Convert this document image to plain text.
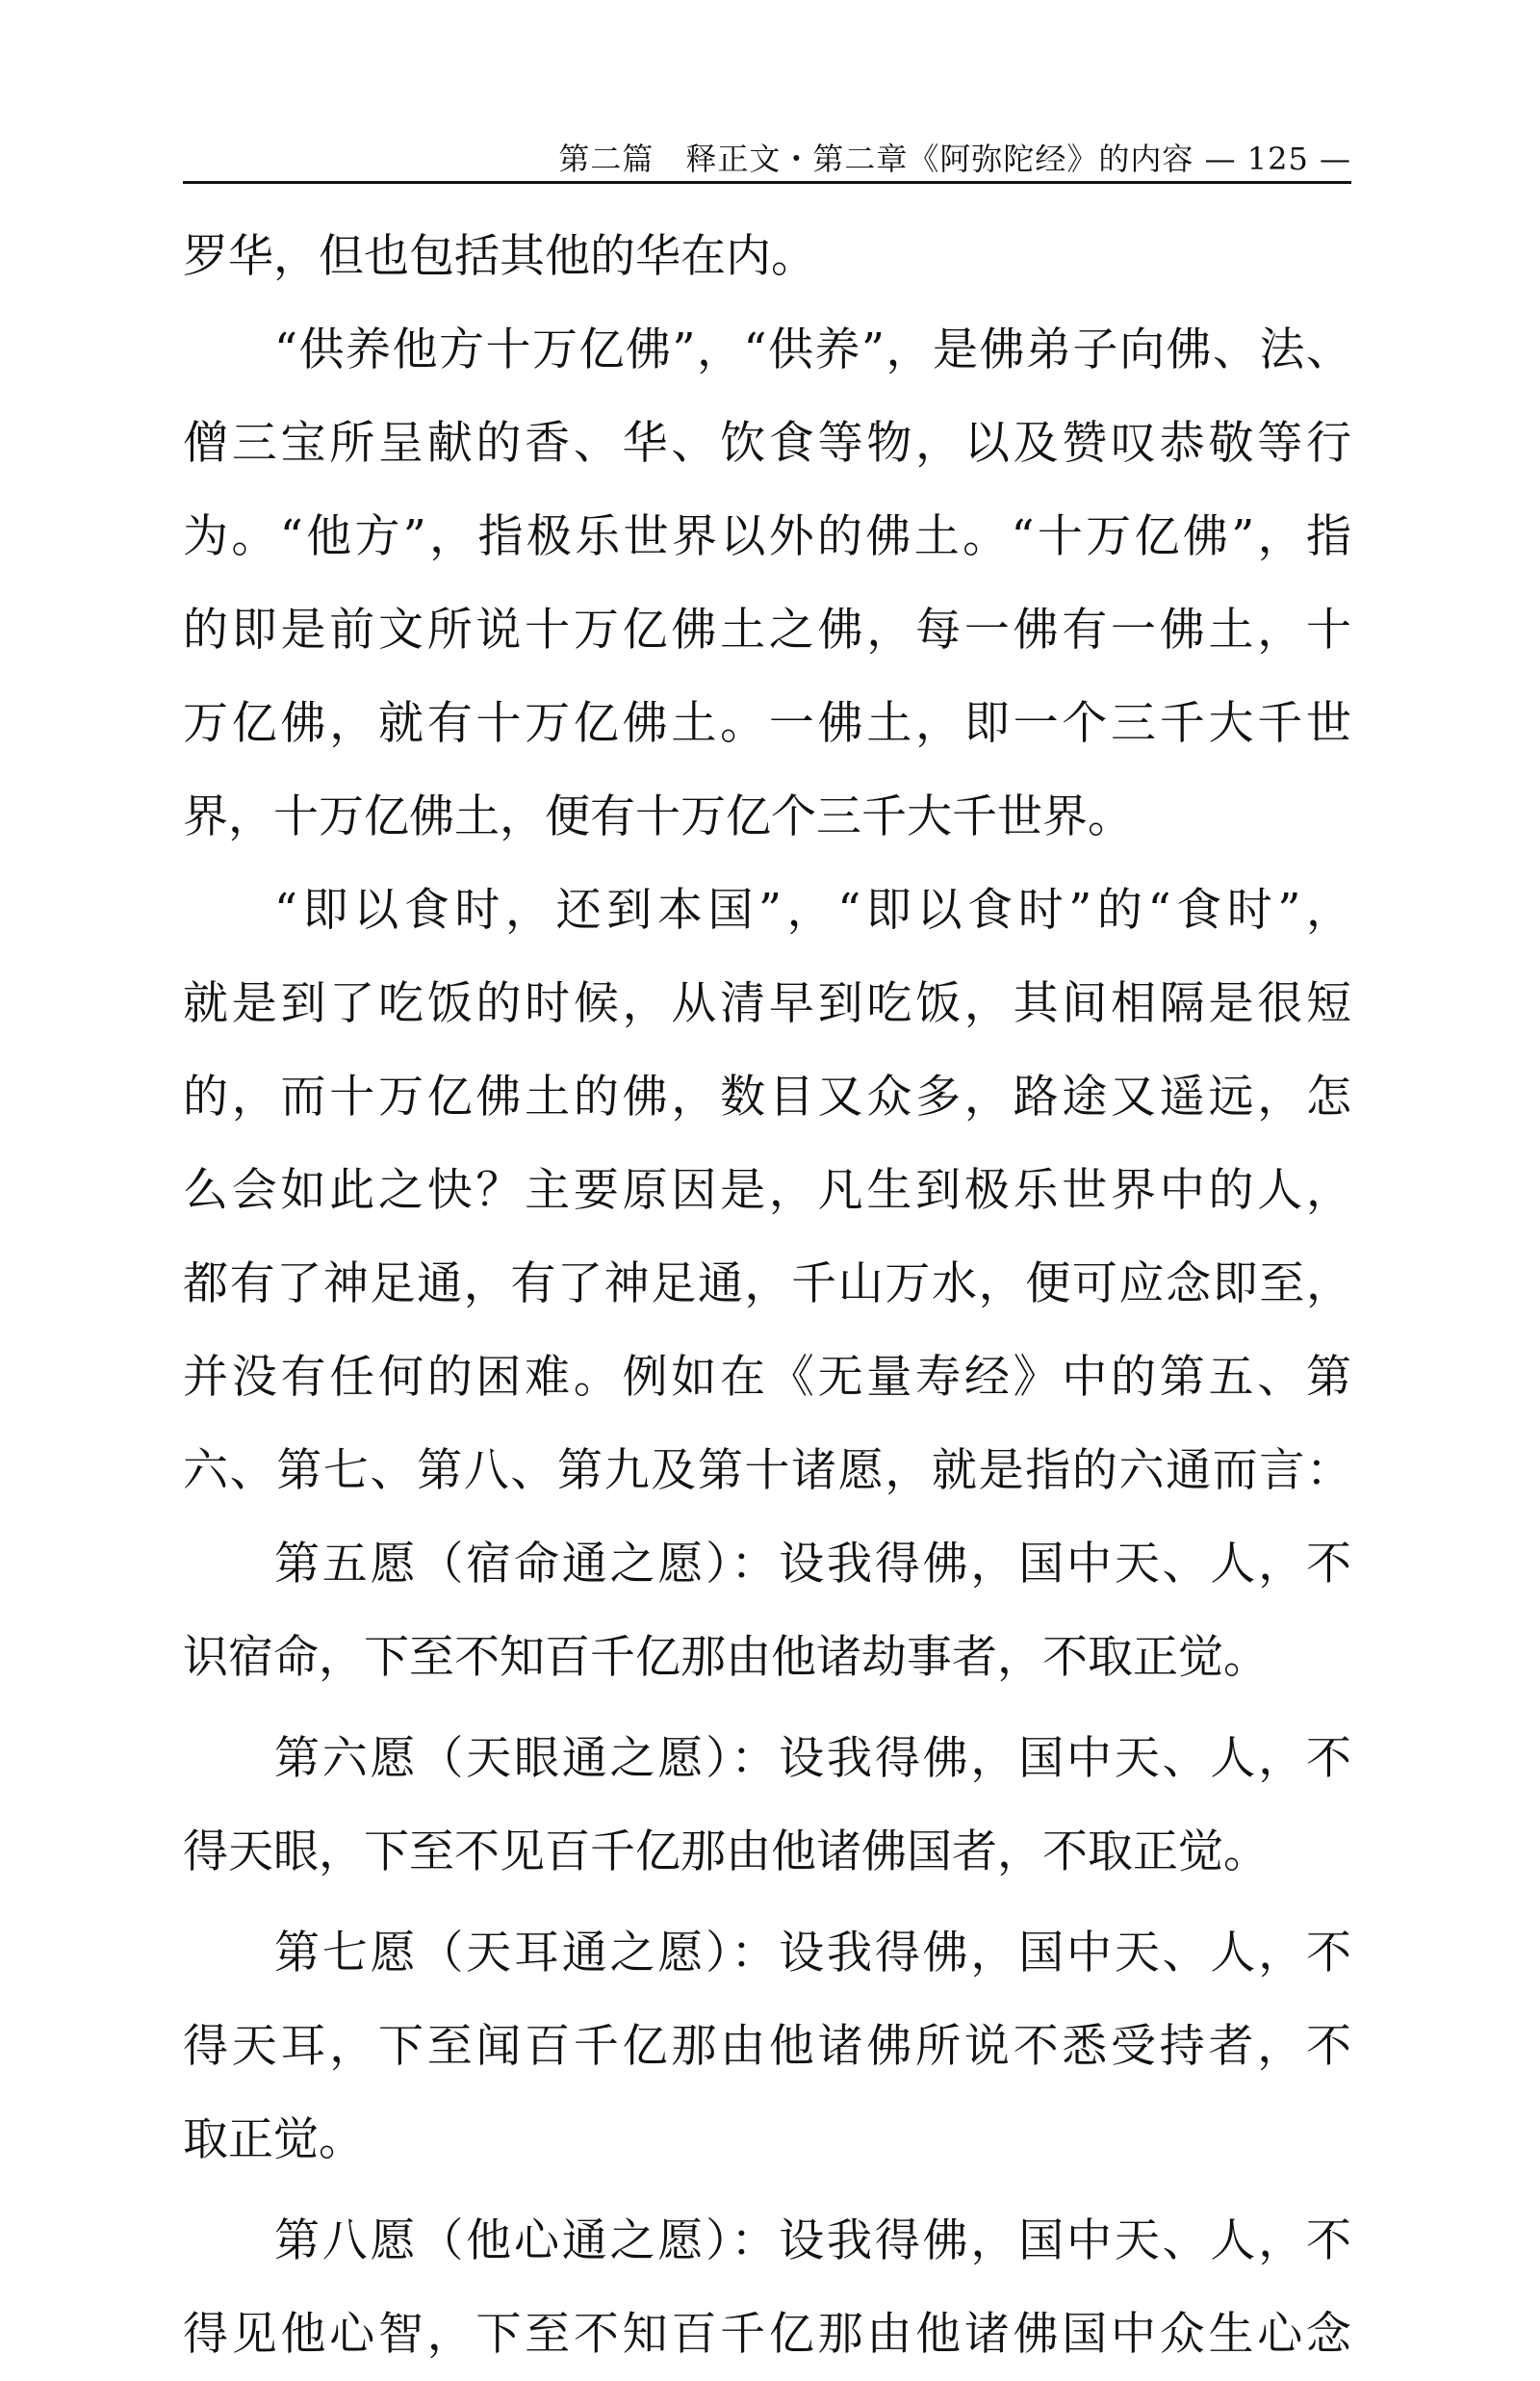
第二篇　释正文・第二章《阿弥陀经》的内容 — 125 —
罗华，但也包括其他的华在内。
“供养他方十万亿佛”，“供养”，是佛弟子向佛、法、
僧三宝所呈献的香、华、饮食等物，以及赞叹恭敬等行
为。“他方”，指极乐世界以外的佛土。“十万亿佛”，指
的即是前文所说十万亿佛土之佛，每一佛有一佛土，十
万亿佛，就有十万亿佛土。一佛土，即一个三千大千世
界，十万亿佛土，便有十万亿个三千大千世界。
“即以食时，还到本国”，“即以食时”的“食时”，
就是到了吃饭的时候，从清早到吃饭，其间相隔是很短
的，而十万亿佛土的佛，数目又众多，路途又遥远，怎
么会如此之快？主要原因是，凡生到极乐世界中的人，
都有了神足通，有了神足通，千山万水，便可应念即至，
并没有任何的困难。例如在《无量寿经》中的第五、第
六、第七、第八、第九及第十诸愿，就是指的六通而言：
第五愿（宿命通之愿）：设我得佛，国中天、人，不
识宿命，下至不知百千亿那由他诸劫事者，不取正觉。
第六愿（天眼通之愿）：设我得佛，国中天、人，不
得天眼，下至不见百千亿那由他诸佛国者，不取正觉。
第七愿（天耳通之愿）：设我得佛，国中天、人，不
得天耳，下至闻百千亿那由他诸佛所说不悉受持者，不
取正觉。
第八愿（他心通之愿）：设我得佛，国中天、人，不
得见他心智，下至不知百千亿那由他诸佛国中众生心念
